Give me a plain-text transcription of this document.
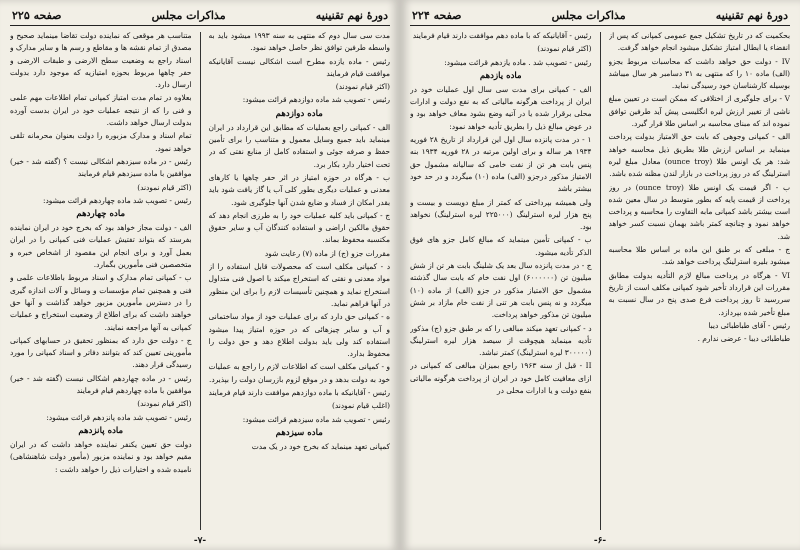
دورهٔ نهم تقنینیه
مذاکرات مجلس
صفحه ۲۲۵
مدت سی سال دوم که منتهی به سنه ۱۹۹۳ میشود باید به واسطه طرفین توافق نظر حاصل خواهد نمود.
رئیس - ماده یازده مطرح است اشکالی نیست آقایانیکه موافقت قیام فرمایند
(اکثر قیام نمودند)
رئیس - تصویب شد ماده دوازدهم قرائت میشود:
ماده دوازدهم
الف - کمپانی راجع بعملیات که مطابق این قرارداد در ایران مینماید باید جمیع وسایل معمول و متناسب را برای تأمین حفظ و صرفه جوئی و استفاده کامل از منابع نفتی که در تحت اختیار دارد بکار برد.
ب - هرگاه در حوزه امتیاز در اثر حفر چاهها یا کارهای معدنی و عملیات دیگری بطور کلی آب یا گاز یافت شود باید بقدر امکان از فساد و ضایع شدن آنها جلوگیری شود.
ج - کمپانی باید کلیه عملیات خود را به طرزی انجام دهد که حقوق مالکین اراضی و استفاده کنندگان آب و سایر حقوق مکتسبه محفوظ بماند.
مقررات جزو (ج) از ماده (۷) رعایت شود
د - کمپانی مکلف است که محصولات قابل استفاده را از مواد معدنی و نفتی که استخراج میکند با اصول فنی متداول استخراج نماید و همچنین تأسیسات لازم را برای این منظور در آنها فراهم نماید.
ه - کمپانی حق دارد که برای عملیات خود از مواد ساختمانی و آب و سایر چیزهائی که در حوزه امتیاز پیدا میشود استفاده کند ولی باید بدولت اطلاع دهد و حق دولت را محفوظ بدارد.
و - کمپانی مکلف است که اطلاعات لازم را راجع به عملیات خود به دولت بدهد و در موقع لزوم بازرسان دولت را بپذیرد.
رئیس - آقایانیکه با ماده دوازدهم موافقت دارند قیام فرمایند
(اغلب قیام نمودند)
رئیس - تصویب شد ماده سیزدهم قرائت میشود:
ماده سیزدهم
کمپانی تعهد مینماید که بخرج خود در یک مدت
متناسب هر موقعی که نماینده دولت تقاضا مینماید صحیح و مصدق از تمام نقشه ها و مقاطع و رسم ها و سایر مدارک و اسناد راجع به وضعیت سطح الارضی و طبقات الارضی و حفر چاهها مربوط بحوزه امتیازیه که موجود دارد بدولت ارسال دارد.
بعلاوه در تمام مدت امتیاز کمپانی تمام اطلاعات مهم علمی و فنی را که از نتیجه عملیات خود در ایران بدست آورده بدولت ارسال خواهد داشت.
تمام اسناد و مدارک مزبوره را دولت بعنوان محرمانه تلقی خواهد نمود.
رئیس - در ماده سیزدهم اشکالی نیست ؟ (گفته شد - خیر) موافقین با ماده سیزدهم قیام فرمایند
(اکثر قیام نمودند)
رئیس - تصویب شد ماده چهاردهم قرائت میشود:
ماده چهاردهم
الف - دولت مجاز خواهد بود که بخرج خود در ایران نماینده بفرستد که بتواند تفتیش عملیات فنی کمپانی را در ایران بعمل آورد و برای انجام این مقصود از اشخاص خبره و متخصصین فنی مأمورین بگمارد.
ب - کمپانی تمام مدارک و اسناد مربوط باطلاعات علمی و فنی و همچنین تمام مؤسسات و وسائل و آلات اندازه گیری را در دسترس مأمورین مزبور خواهد گذاشت و آنها حق خواهند داشت که برای اطلاع از وضعیت استخراج و عملیات کمپانی به آنها مراجعه نمایند.
ج - دولت حق دارد که بمنظور تحقیق در حسابهای کمپانی مأمورینی تعیین کند که بتوانند دفاتر و اسناد کمپانی را مورد رسیدگی قرار دهند.
رئیس - در ماده چهاردهم اشکالی نیست (گفته شد - خیر) موافقین با ماده چهاردهم قیام فرمایند
(اکثر قیام نمودند)
رئیس - تصویب شد ماده پانزدهم قرائت میشود:
ماده پانزدهم
دولت حق تعیین یکنفر نماینده خواهد داشت که در ایران مقیم خواهد بود و نماینده مزبور (مأمور دولت شاهنشاهی) نامیده شده و اختیارات ذیل را خواهد داشت :
-۷-
دورهٔ نهم تقنینیه
مذاکرات مجلس
صفحه ۲۲۴
بحکمیت که در تاریخ تشکیل جمع عمومی کمپانی که پس از انقضاء یا ابطال امتیاز تشکیل میشود انجام خواهد گرفت.
IV - دولت حق خواهد داشت که محاسبات مربوط بجزو (الف) ماده ۱۰ را که منتهی به ۳۱ دسامبر هر سال میباشد بوسیله کارشناسان خود رسیدگی نماید.
V - برای جلوگیری از اختلافی که ممکن است در تعیین مبلغ ناشی از تغییر ارزش لیره انگلیسی پیش آید طرفین توافق نموده اند که مبنای محاسبه بر اساس طلا قرار گیرد.
الف - کمپانی وجوهی که بابت حق الامتیاز بدولت پرداخت مینماید بر اساس ارزش طلا بطریق ذیل محاسبه خواهد شد: هر یک اونس طلا (ounce troy) معادل مبلغ لیره استرلینگ که در روز پرداخت در بازار لندن مظنه شده باشد.
ب - اگر قیمت یک اونس طلا (ounce troy) در روز پرداخت از قیمت پایه که بطور متوسط در سال معین شده است بیشتر باشد کمپانی مابه التفاوت را محاسبه و پرداخت خواهد نمود و چنانچه کمتر باشد بهمان نسبت کسر خواهد شد.
ج - مبلغی که بر طبق این ماده بر اساس طلا محاسبه میشود بلیره استرلینگ پرداخت خواهد شد.
VI - هرگاه در پرداخت مبالغ لازم التأدیه بدولت مطابق مقررات این قرارداد تأخیر شود کمپانی مکلف است از تاریخ سررسید تا روز پرداخت فرع صدی پنج در سال نسبت به مبلغ تأخیر شده بپردازد.
رئیس - آقای طباطبائی دیبا
طباطبائی دیبا - عرضی ندارم .
رئیس - آقایانیکه که با ماده دهم موافقت دارند قیام فرمایند
(اکثر قیام نمودند)
رئیس - تصویب شد . ماده یازدهم قرائت میشود:
ماده یازدهم
الف - کمپانی برای مدت سی سال اول عملیات خود در ایران از پرداخت هرگونه مالیاتی که به نفع دولت و ادارات محلی برقرار شده یا در آتیه وضع بشود معاف خواهد بود و در عوض مبالغ ذیل را بطریق تأدیه خواهد نمود:
۱ - در مدت پانزده سال اول این قرارداد از تاریخ ۲۸ فوریه ۱۹۳۴ هر ساله و برای اولین مرتبه در ۲۸ فوریه ۱۹۳۴ بنه پنس بابت هر تن از نفت خامی که سالیانه مشمول حق الامتیاز مذکور درجزو (الف) ماده (۱۰) میگردد و در حد خود بیشتر باشد
ولی همیشه بپرداختی که کمتر از مبلغ دویست و بیست و پنج هزار لیره استرلینگ (۲۲۵۰۰۰ لیره استرلینگ) نخواهد بود.
ب - کمپانی تأمین مینماید که مبالغ کامل جزو های فوق الذکر تأدیه میشود.
ج - در مدت پانزده سال بعد یک شلینگ بابت هر تن از شش میلیون تن (۶۰۰۰۰۰۰) اول نفت خام که بابت سال گذشته مشمول حق الامتیاز مذکور در جزو (الف) از ماده (۱۰) میگردد و نه پنس بابت هر تنی از نفت خام مازاد بر شش میلیون تن مذکور خواهد پرداخت.
د - کمپانی تعهد میکند مبالغی را که بر طبق جزو (ج) مذکور تأدیه مینماید هیچوقت از سیصد هزار لیره استرلینگ (۳۰۰۰۰۰ لیره استرلینگ) کمتر نباشد.
II - قبل از سنه ۱۹۶۳ راجع بمیزان مبالغی که کمپانی در ازای معافیت کامل خود در ایران از پرداخت هرگونه مالیاتی بنفع دولت و یا ادارات محلی در
-۶-
